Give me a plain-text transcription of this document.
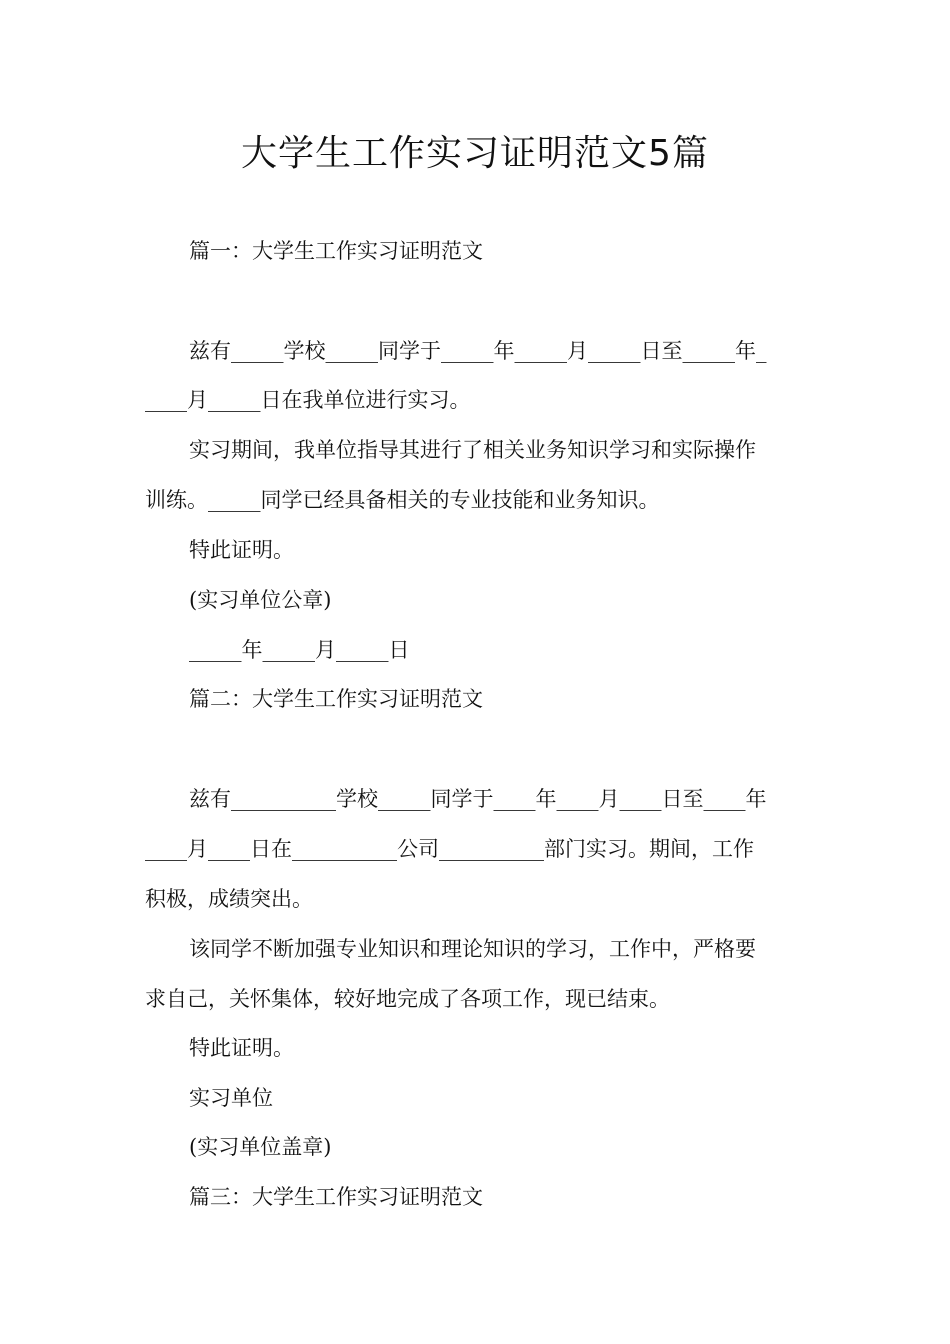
大学生工作实习证明范文5篇

篇一：大学生工作实习证明范文

兹有_____学校_____同学于_____年_____月_____日至_____年_

____月_____日在我单位进行实习。

实习期间，我单位指导其进行了相关业务知识学习和实际操作

训练。_____同学已经具备相关的专业技能和业务知识。

特此证明。

(实习单位公章)

_____年_____月_____日

篇二：大学生工作实习证明范文

兹有__________学校_____同学于____年____月____日至____年

____月____日在__________公司__________部门实习。期间，工作

积极，成绩突出。

该同学不断加强专业知识和理论知识的学习，工作中，严格要

求自己，关怀集体，较好地完成了各项工作，现已结束。

特此证明。

实习单位

(实习单位盖章)

篇三：大学生工作实习证明范文
